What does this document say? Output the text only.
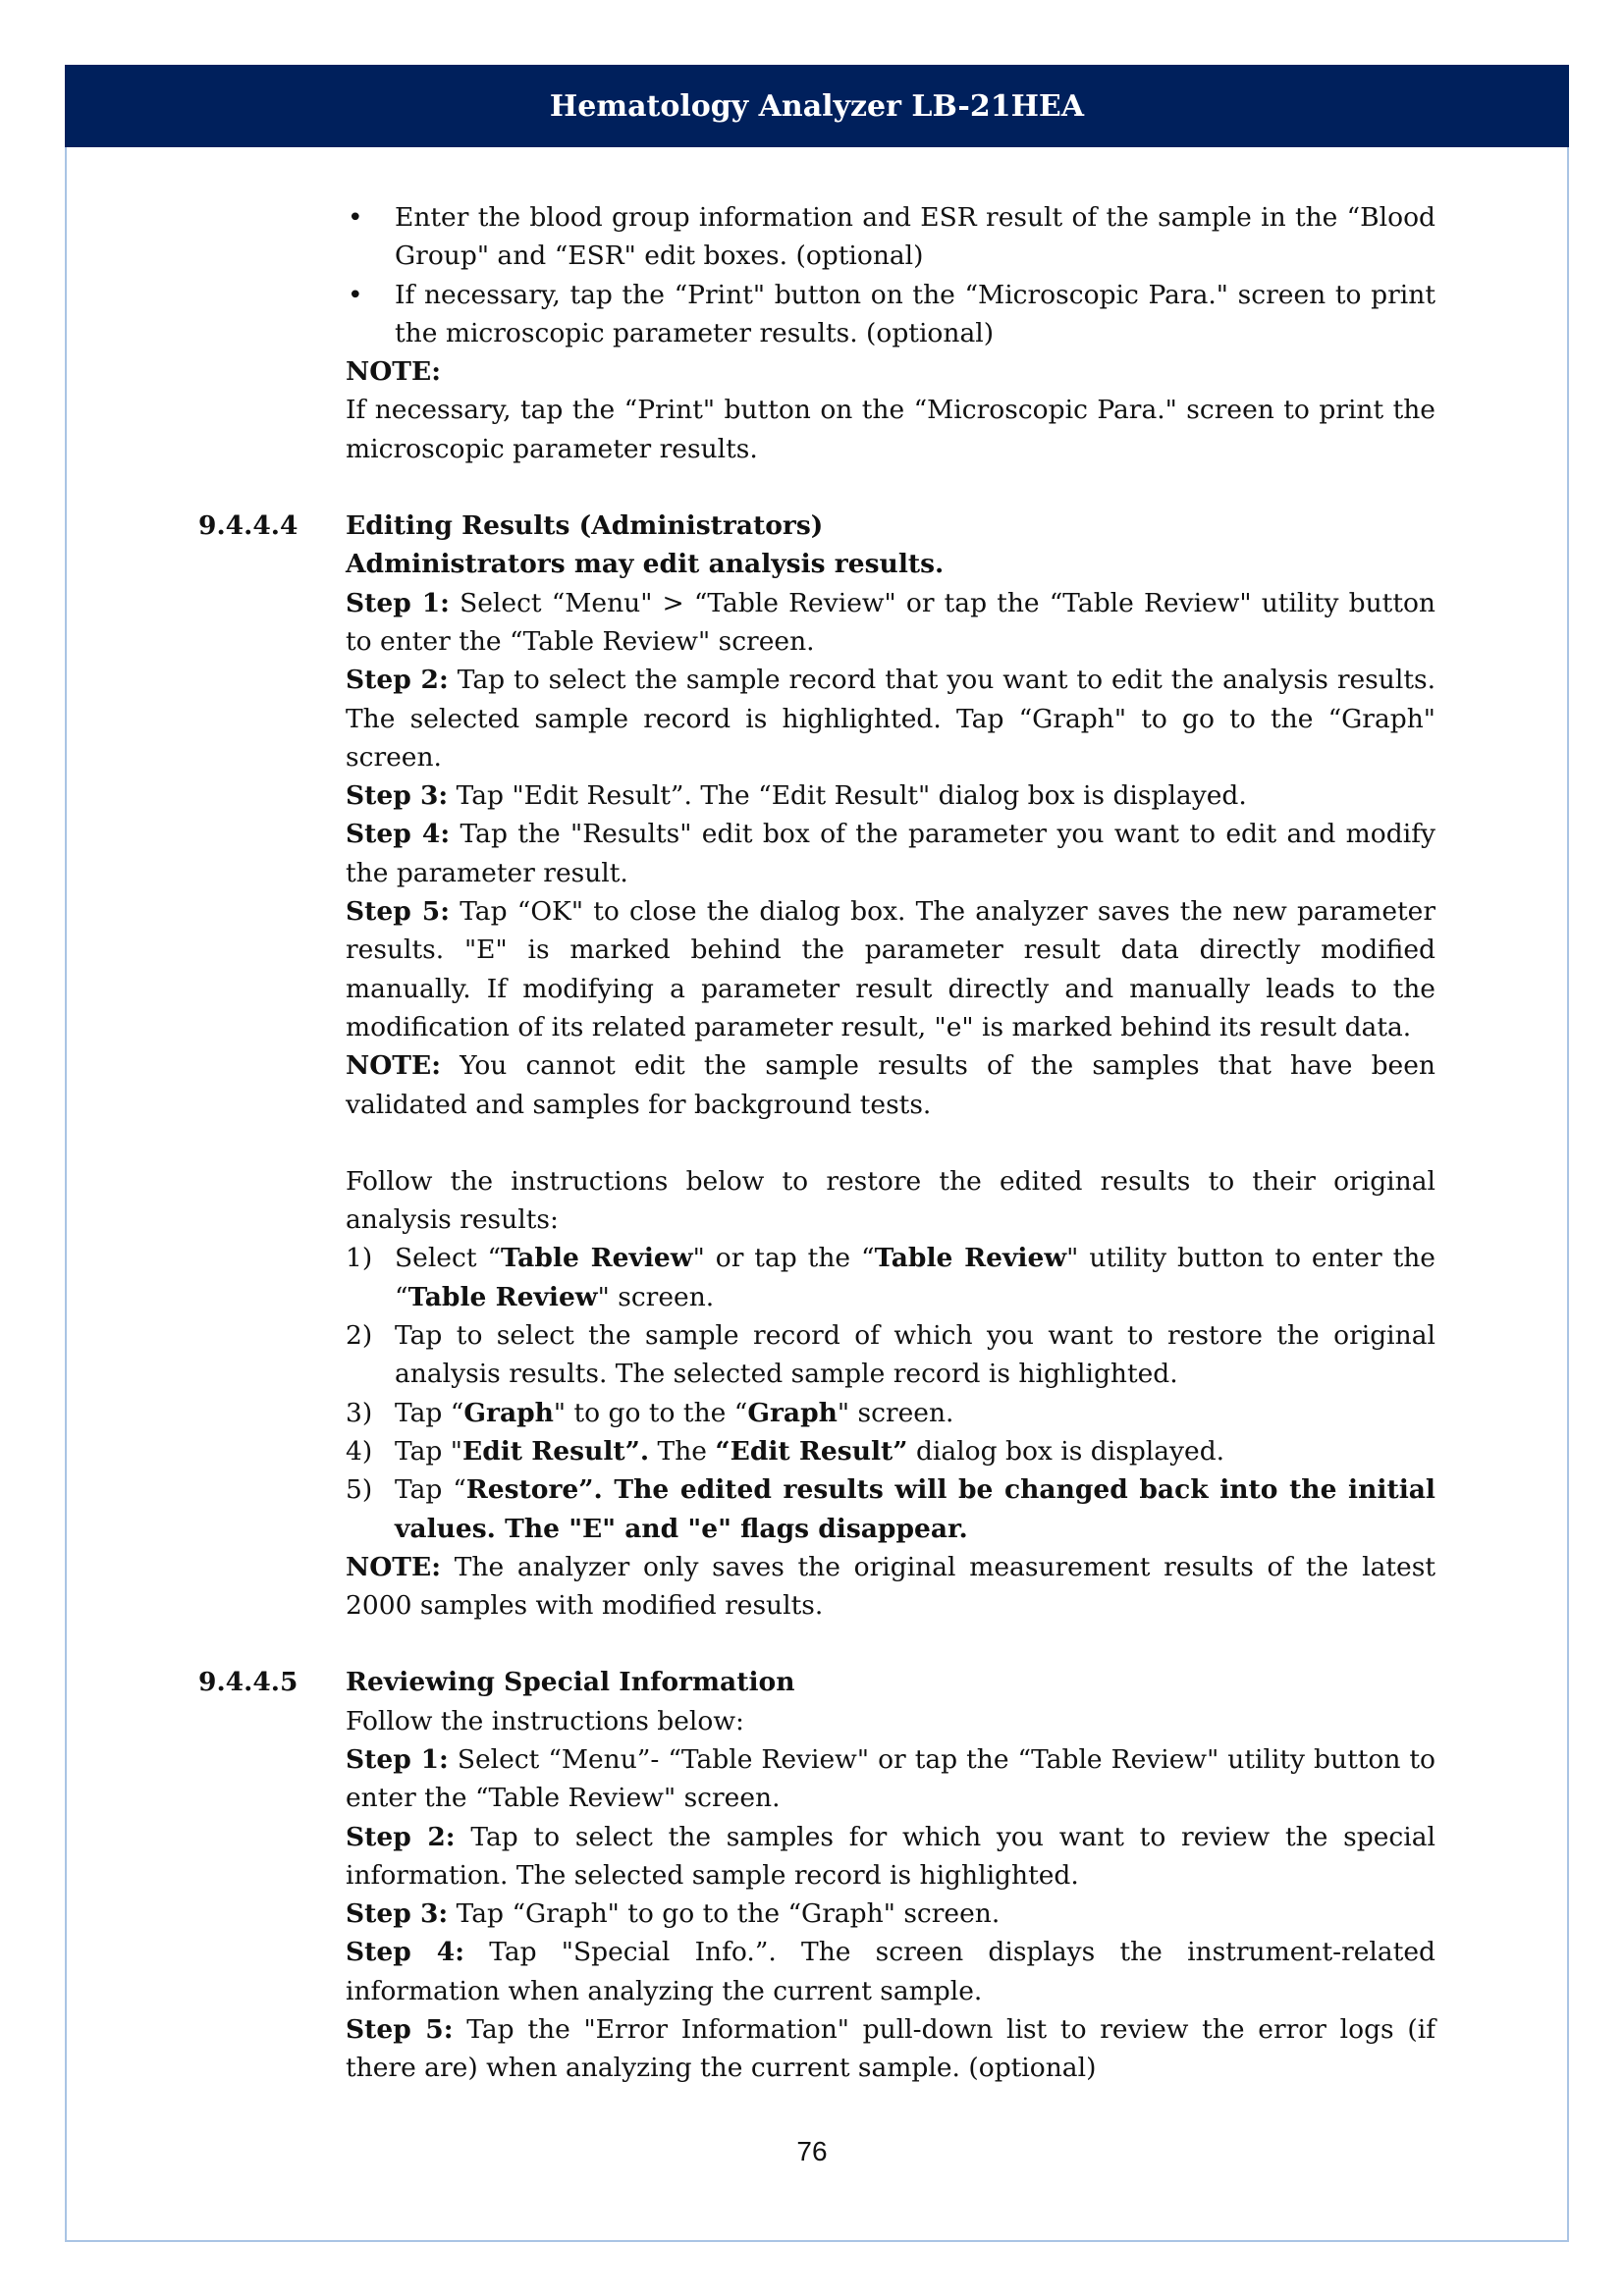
Hematology Analyzer LB-21HEA
• Enter the blood group information and ESR result of the sample in the “Blood Group" and “ESR" edit boxes. (optional)
• If necessary, tap the “Print" button on the “Microscopic Para." screen to print the microscopic parameter results. (optional)

NOTE:

If necessary, tap the “Print" button on the “Microscopic Para." screen to print the microscopic parameter results.

9.4.4.4 Editing Results (Administrators)

Administrators may edit analysis results.

Step 1: Select “Menu" > “Table Review" or tap the “Table Review" utility button to enter the “Table Review" screen.

Step 2: Tap to select the sample record that you want to edit the analysis results. The selected sample record is highlighted. Tap “Graph" to go to the “Graph" screen.

Step 3: Tap "Edit Result”. The “Edit Result" dialog box is displayed.

Step 4: Tap the "Results" edit box of the parameter you want to edit and modify the parameter result.

Step 5: Tap “OK" to close the dialog box. The analyzer saves the new parameter results. "E" is marked behind the parameter result data directly modified manually. If modifying a parameter result directly and manually leads to the modification of its related parameter result, "e" is marked behind its result data.

NOTE: You cannot edit the sample results of the samples that have been validated and samples for background tests.

Follow the instructions below to restore the edited results to their original analysis results:

1) Select “Table Review" or tap the “Table Review" utility button to enter the “Table Review" screen.
2) Tap to select the sample record of which you want to restore the original analysis results. The selected sample record is highlighted.
3) Tap “Graph" to go to the “Graph" screen.
4) Tap "Edit Result”. The “Edit Result” dialog box is displayed.
5) Tap “Restore”. The edited results will be changed back into the initial values. The "E" and "e" flags disappear.

NOTE: The analyzer only saves the original measurement results of the latest 2000 samples with modified results.

9.4.4.5 Reviewing Special Information

Follow the instructions below:

Step 1: Select “Menu”- “Table Review" or tap the “Table Review" utility button to enter the “Table Review" screen.

Step 2: Tap to select the samples for which you want to review the special information. The selected sample record is highlighted.

Step 3: Tap “Graph" to go to the “Graph" screen.

Step 4: Tap "Special Info.”. The screen displays the instrument-related information when analyzing the current sample.

Step 5: Tap the "Error Information" pull-down list to review the error logs (if there are) when analyzing the current sample. (optional)

76
